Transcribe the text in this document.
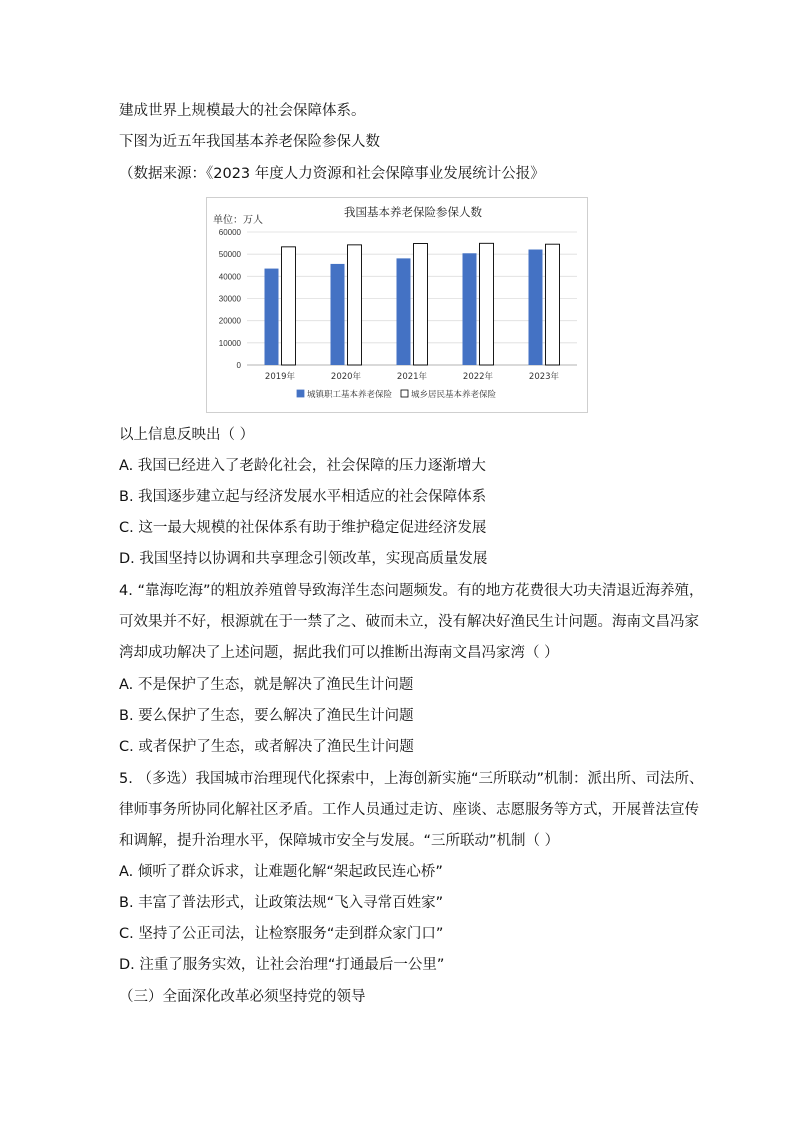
建成世界上规模最大的社会保障体系。
下图为近五年我国基本养老保险参保人数
（数据来源：《2023 年度人力资源和社会保障事业发展统计公报》
我国基本养老保险参保人数
单位：万人
0
10000
20000
30000
40000
50000
60000
2019年	2020年	2021年	2022年	2023年
城镇职工基本养老保险 城乡居民基本养老保险
以上信息反映出（ ）
A. 我国已经进入了老龄化社会，社会保障的压力逐渐增大
B. 我国逐步建立起与经济发展水平相适应的社会保障体系
C. 这一最大规模的社保体系有助于维护稳定促进经济发展
D. 我国坚持以协调和共享理念引领改革，实现高质量发展
4. “靠海吃海”的粗放养殖曾导致海洋生态问题频发。有的地方花费很大功夫清退近海养殖，
可效果并不好，根源就在于一禁了之、破而未立，没有解决好渔民生计问题。海南文昌冯家
湾却成功解决了上述问题，据此我们可以推断出海南文昌冯家湾（ ）
A. 不是保护了生态，就是解决了渔民生计问题
B. 要么保护了生态，要么解决了渔民生计问题
C. 或者保护了生态，或者解决了渔民生计问题
5. （多选）我国城市治理现代化探索中，上海创新实施“三所联动”机制：派出所、司法所、
律师事务所协同化解社区矛盾。工作人员通过走访、座谈、志愿服务等方式，开展普法宣传
和调解，提升治理水平，保障城市安全与发展。“三所联动”机制（ ）
A. 倾听了群众诉求，让难题化解“架起政民连心桥”
B. 丰富了普法形式，让政策法规“飞入寻常百姓家”
C. 坚持了公正司法，让检察服务“走到群众家门口”
D. 注重了服务实效，让社会治理“打通最后一公里”
（三）全面深化改革必须坚持党的领导
